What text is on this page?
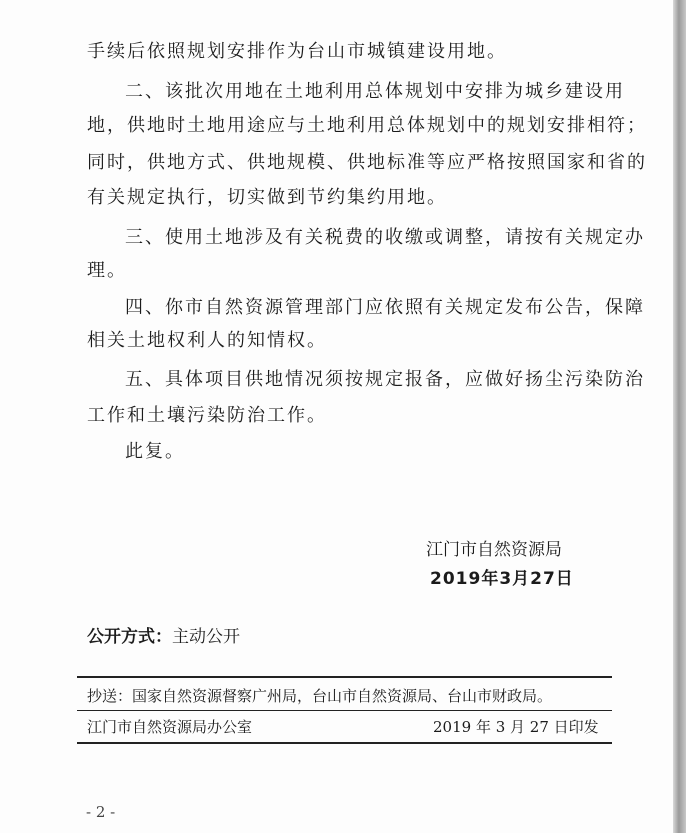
手续后依照规划安排作为台山市城镇建设用地。
二、该批次用地在土地利用总体规划中安排为城乡建设用
地，供地时土地用途应与土地利用总体规划中的规划安排相符；
同时，供地方式、供地规模、供地标准等应严格按照国家和省的
有关规定执行，切实做到节约集约用地。
三、使用土地涉及有关税费的收缴或调整，请按有关规定办
理。
四、你市自然资源管理部门应依照有关规定发布公告，保障
相关土地权利人的知情权。
五、具体项目供地情况须按规定报备，应做好扬尘污染防治
工作和土壤污染防治工作。
此复。
江门市自然资源局
2019年3月27日
公开方式：主动公开
抄送：国家自然资源督察广州局，台山市自然资源局、台山市财政局。
江门市自然资源局办公室	2019 年 3 月 27 日印发
- 2 -
